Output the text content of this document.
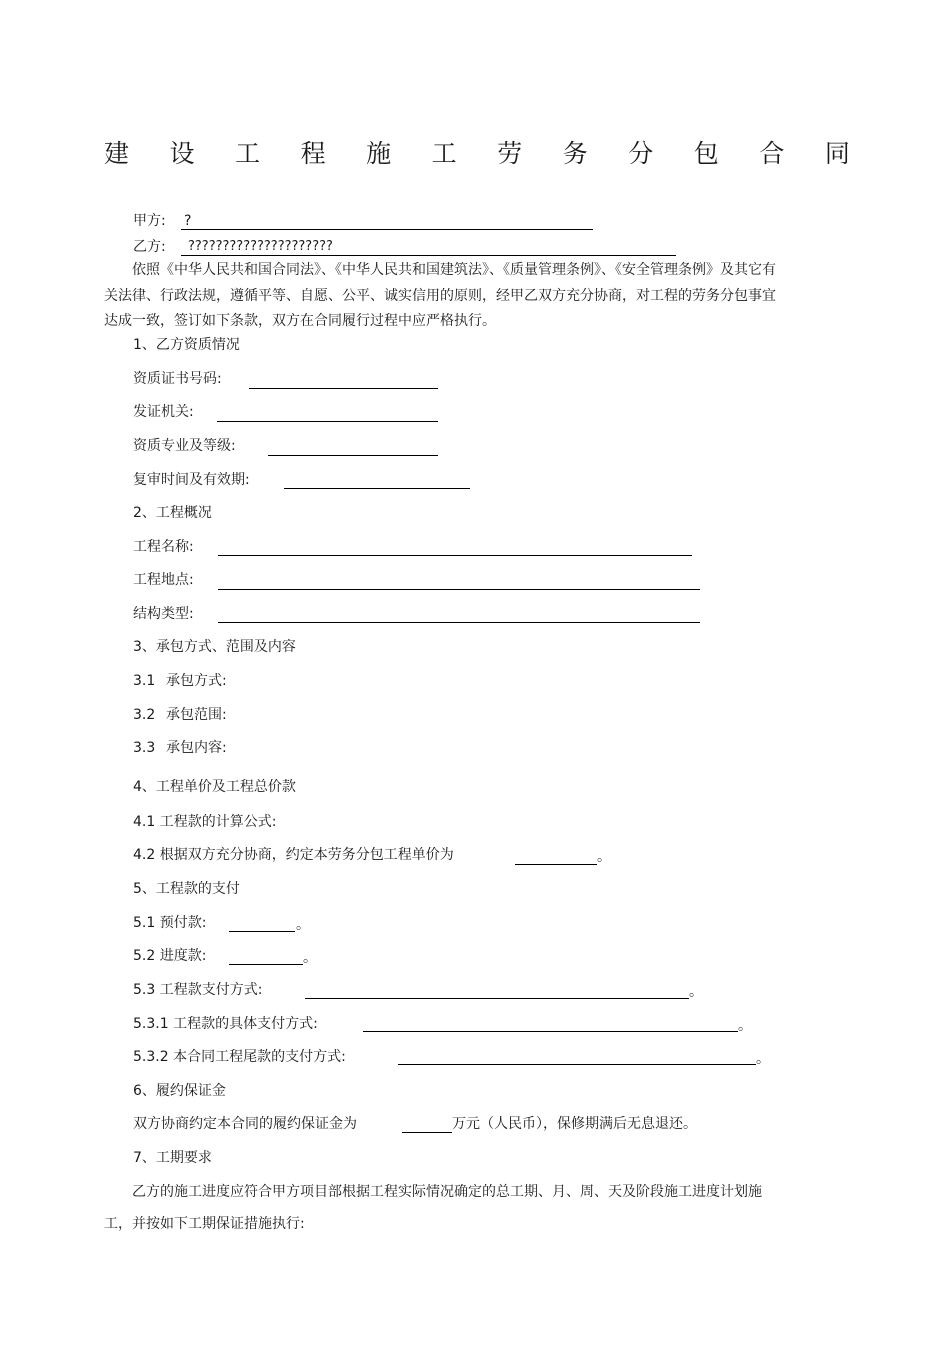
建 设 工 程 施 工 劳 务 分 包 合 同
甲方: ?
乙方: ?????????????????????
依照《中华人民共和国合同法》、《中华人民共和国建筑法》、《质量管理条例》、《安全管理条例》及其它有关法律、行政法规，遵循平等、自愿、公平、诚实信用的原则，经甲乙双方充分协商，对工程的劳务分包事宜达成一致，签订如下条款，双方在合同履行过程中应严格执行。
1、乙方资质情况
资质证书号码:
发证机关:
资质专业及等级:
复审时间及有效期:
2、工程概况
工程名称:
工程地点:
结构类型:
3、承包方式、范围及内容
3.1 承包方式:
3.2 承包范围:
3.3 承包内容:
4、工程单价及工程总价款
4.1 工程款的计算公式:
4.2 根据双方充分协商，约定本劳务分包工程单价为	。
5、工程款的支付
5.1 预付款:	。
5.2 进度款:	。
5.3 工程款支付方式:	。
5.3.1 工程款的具体支付方式:	。
5.3.2 本合同工程尾款的支付方式:	。
6、履约保证金
双方协商约定本合同的履约保证金为	万元（人民币），保修期满后无息退还。
7、工期要求
乙方的施工进度应符合甲方项目部根据工程实际情况确定的总工期、月、周、天及阶段施工进度计划施工，并按如下工期保证措施执行:
